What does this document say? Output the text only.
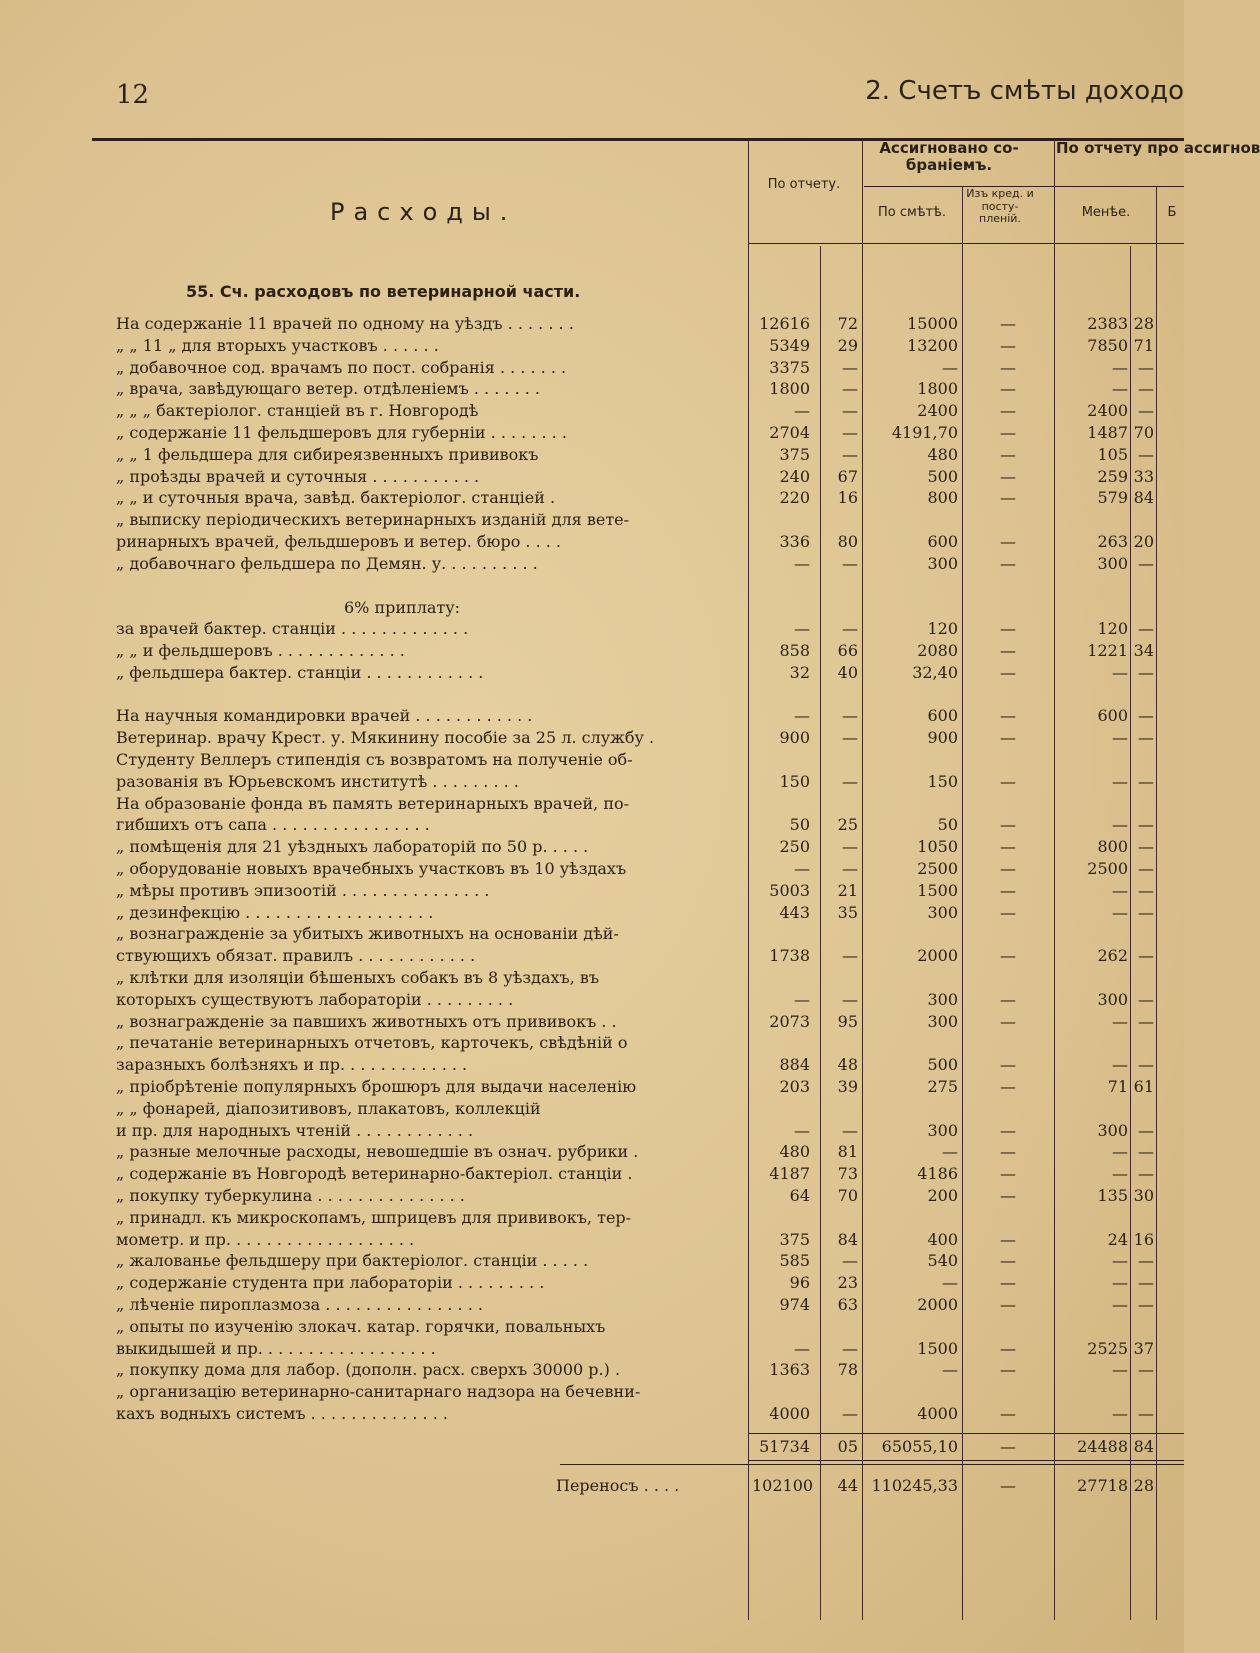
12	2. Счетъ смѣты доходо
По отчету.
Ассигновано со-браніемъ.
По смѣтѣ.
Изъ кред. и посту-пленій.
По отчету про ассигнов
Менѣе.	Б
Расходы.
55. Сч. расходовъ по ветеринарной части.
6% приплату:
На содержаніе 11 врачей по одному на уѣздъ . . . . . . .	12616	72	15000	—	2383 28
„ „ 11 „ для вторыхъ участковъ . . . . . .	5349	29	13200	—	7850 71
„ добавочное сод. врачамъ по пост. собранія . . . . . . .	3375	—	—	—	— —
„ врача, завѣдующаго ветер. отдѣленіемъ . . . . . . .	1800	—	1800	—	— —
„ „ „ бактеріолог. станціей въ г. Новгородѣ	—	—	2400	—	2400 —
„ содержаніе 11 фельдшеровъ для губерніи . . . . . . . .	2704	—	4191,70	—	1487 70
„ „ 1 фельдшера для сибиреязвенныхъ прививокъ	375	—	480	—	105 —
„ проѣзды врачей и суточныя . . . . . . . . . . .	240	67	500	—	259 33
„ „ и суточныя врача, завѣд. бактеріолог. станціей .	220	16	800	—	579 84
„ выписку періодическихъ ветеринарныхъ изданій для вете-
ринарныхъ врачей, фельдшеровъ и ветер. бюро . . . .	336	80	600	—	263 20
„ добавочнаго фельдшера по Демян. у. . . . . . . . . .	—	—	300	—	300 —
за врачей бактер. станціи . . . . . . . . . . . . .	—	—	120	—	120 —
„ „ и фельдшеровъ . . . . . . . . . . . . .	858	66	2080	—	1221 34
„ фельдшера бактер. станціи . . . . . . . . . . . .	32	40	32,40	—	— —
На научныя командировки врачей . . . . . . . . . . . .	—	—	600	—	600 —
Ветеринар. врачу Крест. у. Мякинину пособіе за 25 л. службу .	900	—	900	—	— —
Студенту Веллеръ стипендія съ возвратомъ на полученіе об-
разованія въ Юрьевскомъ институтѣ . . . . . . . . .	150	—	150	—	— —
На образованіе фонда въ память ветеринарныхъ врачей, по-
гибшихъ отъ сапа . . . . . . . . . . . . . . . .	50	25	50	—	— —
„ помѣщенія для 21 уѣздныхъ лабораторій по 50 р. . . . .	250	—	1050	—	800 —
„ оборудованіе новыхъ врачебныхъ участковъ въ 10 уѣздахъ	—	—	2500	—	2500 —
„ мѣры противъ эпизоотій . . . . . . . . . . . . . . .	5003	21	1500	—	— —
„ дезинфекцію . . . . . . . . . . . . . . . . . . .	443	35	300	—	— —
„ вознагражденіе за убитыхъ животныхъ на основаніи дѣй-
ствующихъ обязат. правилъ . . . . . . . . . . . .	1738	—	2000	—	262 —
„ клѣтки для изоляціи бѣшеныхъ собакъ въ 8 уѣздахъ, въ
которыхъ существуютъ лабораторіи . . . . . . . . .	—	—	300	—	300 —
„ вознагражденіе за павшихъ животныхъ отъ прививокъ . .	2073	95	300	—	— —
„ печатаніе ветеринарныхъ отчетовъ, карточекъ, свѣдѣній о
заразныхъ болѣзняхъ и пр. . . . . . . . . . . . .	884	48	500	—	— —
„ пріобрѣтеніе популярныхъ брошюръ для выдачи населенію	203	39	275	—	71 61
„ „ фонарей, діапозитивовъ, плакатовъ, коллекцій
и пр. для народныхъ чтеній . . . . . . . . . . . .	—	—	300	—	300 —
„ разные мелочные расходы, невошедшіе въ означ. рубрики .	480	81	—	—	— —
„ содержаніе въ Новгородѣ ветеринарно-бактеріол. станціи .	4187	73	4186	—	— —
„ покупку туберкулина . . . . . . . . . . . . . . .	64	70	200	—	135 30
„ принадл. къ микроскопамъ, шприцевъ для прививокъ, тер-
мометр. и пр. . . . . . . . . . . . . . . . . . .	375	84	400	—	24 16
„ жалованье фельдшеру при бактеріолог. станціи . . . . .	585	—	540	—	— —
„ содержаніе студента при лабораторіи . . . . . . . . .	96	23	—	—	— —
„ лѣченіе пироплазмоза . . . . . . . . . . . . . . . .	974	63	2000	—	— —
„ опыты по изученію злокач. катар. горячки, повальныхъ
выкидышей и пр. . . . . . . . . . . . . . . . . .	—	—	1500	—	2525 37
„ покупку дома для лабор. (дополн. расх. сверхъ 30000 р.) .	1363	78	—	—	— —
„ организацію ветеринарно-санитарнаго надзора на бечевни-
кахъ водныхъ системъ . . . . . . . . . . . . . .	4000	—	4000	—	— —
51734	05	65055,10	—	24488 84
Переносъ . . . .	102100	44 110245,33	—	27718 28
